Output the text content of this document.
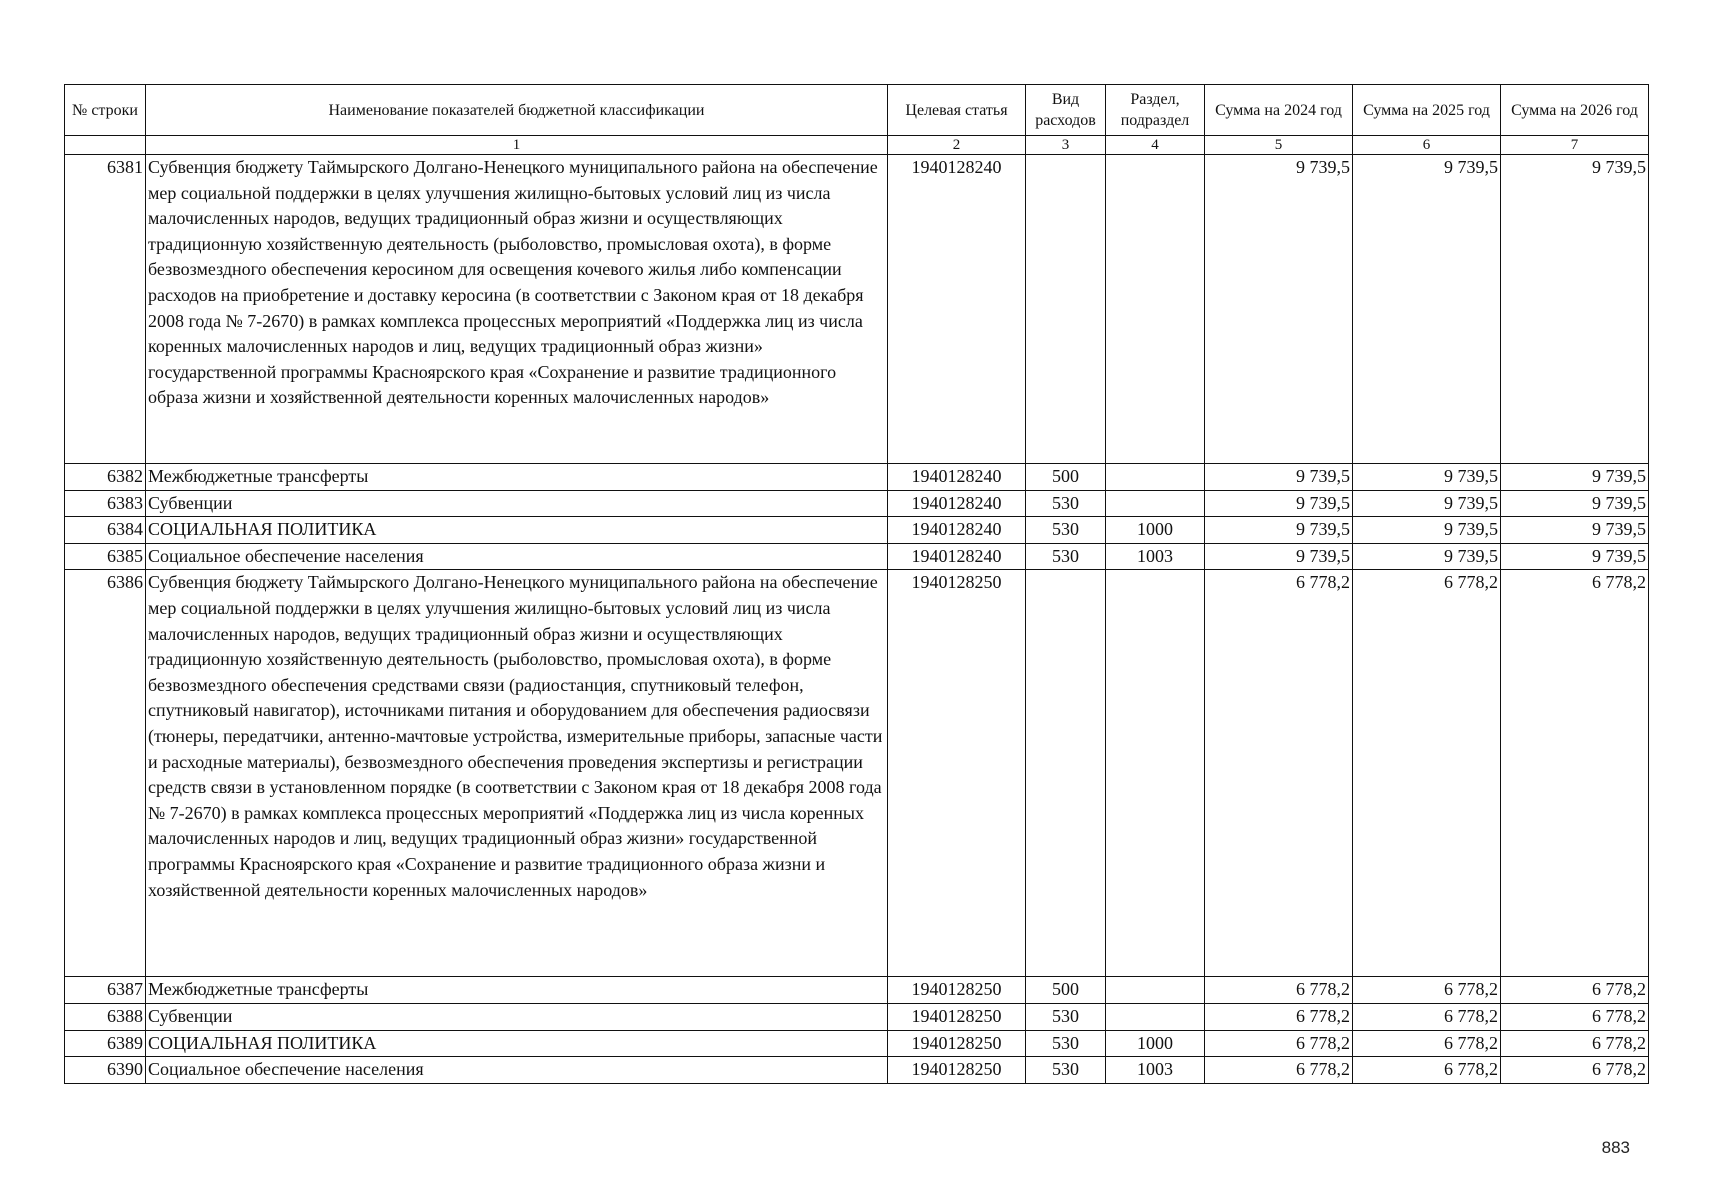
№ строки	Наименование показателей бюджетной классификации	Целевая статья	Вид расходов	Раздел, подраздел	Сумма на 2024 год	Сумма на 2025 год	Сумма на 2026 год
	1	2	3	4	5	6	7
6381	Субвенция бюджету Таймырского Долгано-Ненецкого муниципального района на обеспечение мер социальной поддержки в целях улучшения жилищно-бытовых условий лиц из числа малочисленных народов, ведущих традиционный образ жизни и осуществляющих традиционную хозяйственную деятельность (рыболовство, промысловая охота), в форме безвозмездного обеспечения керосином для освещения кочевого жилья либо компенсации расходов на приобретение и доставку керосина (в соответствии с Законом края от 18 декабря 2008 года № 7-2670) в рамках комплекса процессных мероприятий «Поддержка лиц из числа коренных малочисленных народов и лиц, ведущих традиционный образ жизни» государственной программы Красноярского края «Сохранение и развитие традиционного образа жизни и хозяйственной деятельности коренных малочисленных народов»	1940128240			9 739,5	9 739,5	9 739,5
6382	Межбюджетные трансферты	1940128240	500		9 739,5	9 739,5	9 739,5
6383	Субвенции	1940128240	530		9 739,5	9 739,5	9 739,5
6384	СОЦИАЛЬНАЯ ПОЛИТИКА	1940128240	530	1000	9 739,5	9 739,5	9 739,5
6385	Социальное обеспечение населения	1940128240	530	1003	9 739,5	9 739,5	9 739,5
6386	Субвенция бюджету Таймырского Долгано-Ненецкого муниципального района на обеспечение мер социальной поддержки в целях улучшения жилищно-бытовых условий лиц из числа малочисленных народов, ведущих традиционный образ жизни и осуществляющих традиционную хозяйственную деятельность (рыболовство, промысловая охота), в форме безвозмездного обеспечения средствами связи (радиостанция, спутниковый телефон, спутниковый навигатор), источниками питания и оборудованием для обеспечения радиосвязи (тюнеры, передатчики, антенно-мачтовые устройства, измерительные приборы, запасные части и расходные материалы), безвозмездного обеспечения проведения экспертизы и регистрации средств связи в установленном порядке (в соответствии с Законом края от 18 декабря 2008 года № 7-2670) в рамках комплекса процессных мероприятий «Поддержка лиц из числа коренных малочисленных народов и лиц, ведущих традиционный образ жизни» государственной программы Красноярского края «Сохранение и развитие традиционного образа жизни и хозяйственной деятельности коренных малочисленных народов»	1940128250			6 778,2	6 778,2	6 778,2
6387	Межбюджетные трансферты	1940128250	500		6 778,2	6 778,2	6 778,2
6388	Субвенции	1940128250	530		6 778,2	6 778,2	6 778,2
6389	СОЦИАЛЬНАЯ ПОЛИТИКА	1940128250	530	1000	6 778,2	6 778,2	6 778,2
6390	Социальное обеспечение населения	1940128250	530	1003	6 778,2	6 778,2	6 778,2
883
